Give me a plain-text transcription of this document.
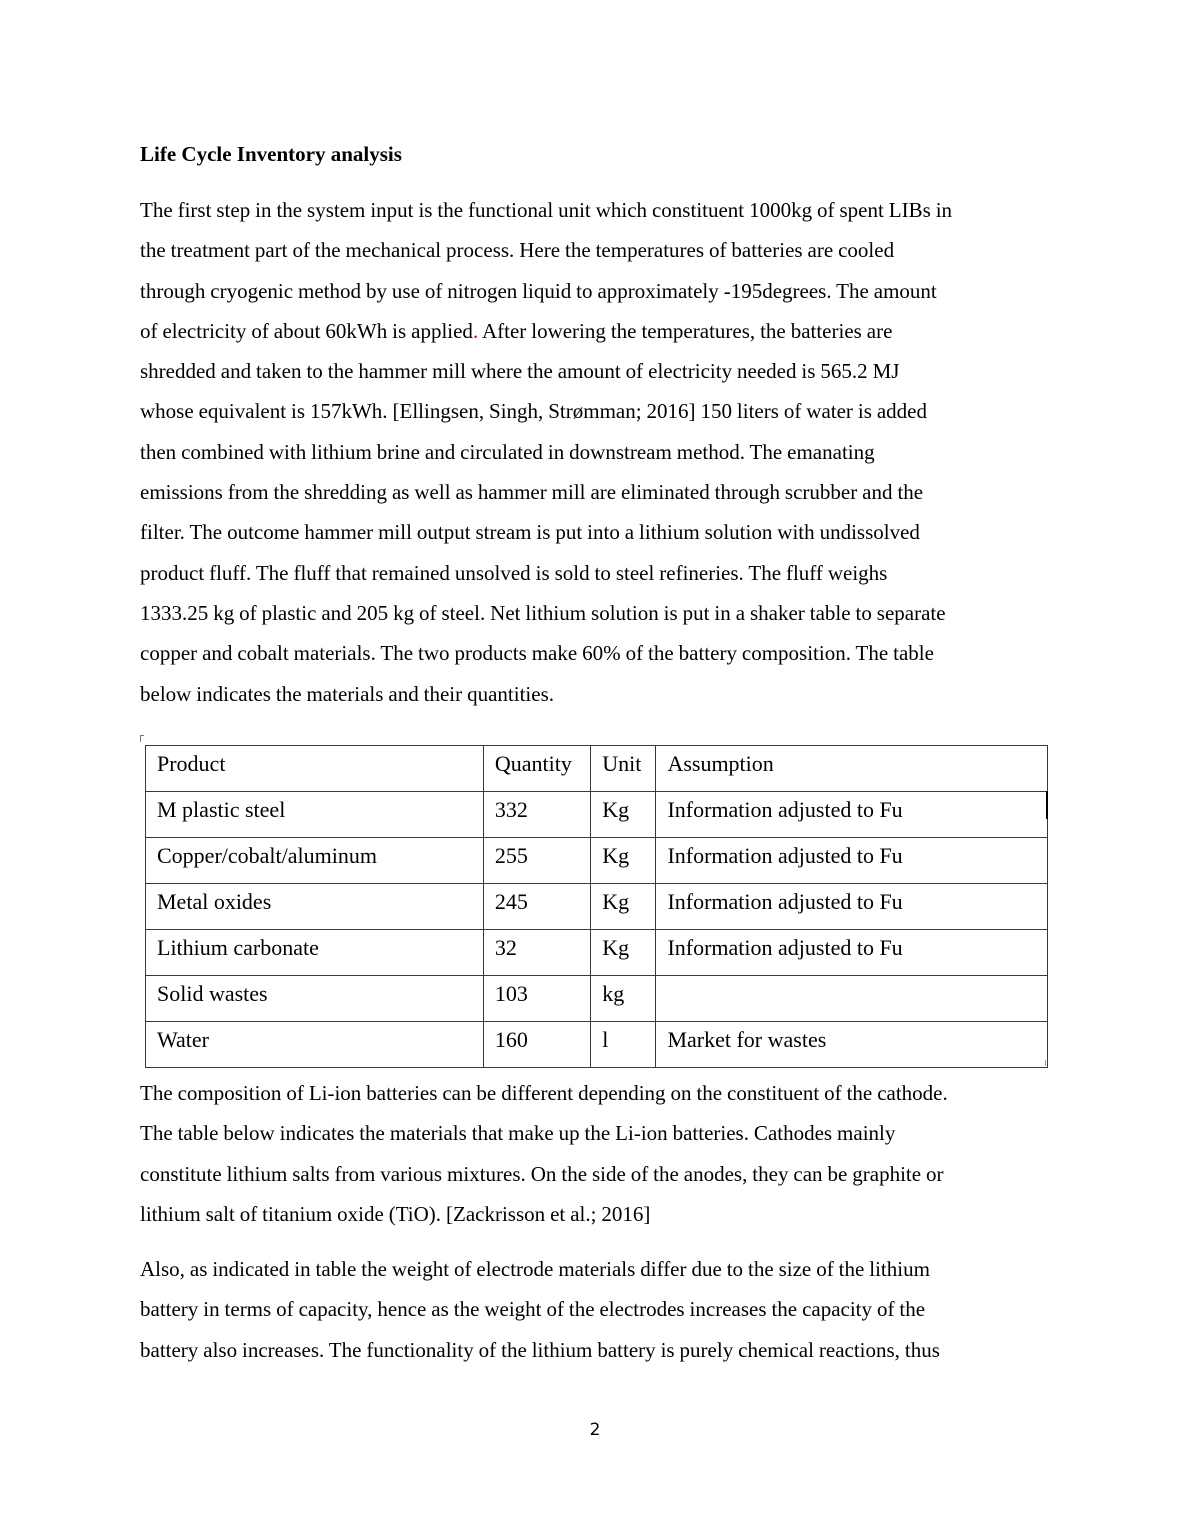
Life Cycle Inventory analysis
The first step in the system input is the functional unit which constituent 1000kg of spent LIBs in
the treatment part of the mechanical process. Here the temperatures of batteries are cooled
through cryogenic method by use of nitrogen liquid to approximately -195degrees. The amount
of electricity of about 60kWh is applied. After lowering the temperatures, the batteries are
shredded and taken to the hammer mill where the amount of electricity needed is 565.2 MJ
whose equivalent is 157kWh. [Ellingsen, Singh, Strømman; 2016] 150 liters of water is added
then combined with lithium brine and circulated in downstream method. The emanating
emissions from the shredding as well as hammer mill are eliminated through scrubber and the
filter. The outcome hammer mill output stream is put into a lithium solution with undissolved
product fluff. The fluff that remained unsolved is sold to steel refineries. The fluff weighs
1333.25 kg of plastic and 205 kg of steel. Net lithium solution is put in a shaker table to separate
copper and cobalt materials. The two products make 60% of the battery composition. The table
below indicates the materials and their quantities.
Product	Quantity	Unit	Assumption
M plastic steel	332	Kg	Information adjusted to Fu
Copper/cobalt/aluminum	255	Kg	Information adjusted to Fu
Metal oxides	245	Kg	Information adjusted to Fu
Lithium carbonate	32	Kg	Information adjusted to Fu
Solid wastes	103	kg	
Water	160	l	Market for wastes
The composition of Li-ion batteries can be different depending on the constituent of the cathode.
The table below indicates the materials that make up the Li-ion batteries. Cathodes mainly
constitute lithium salts from various mixtures. On the side of the anodes, they can be graphite or
lithium salt of titanium oxide (TiO). [Zackrisson et al.; 2016]
Also, as indicated in table the weight of electrode materials differ due to the size of the lithium
battery in terms of capacity, hence as the weight of the electrodes increases the capacity of the
battery also increases. The functionality of the lithium battery is purely chemical reactions, thus
2
